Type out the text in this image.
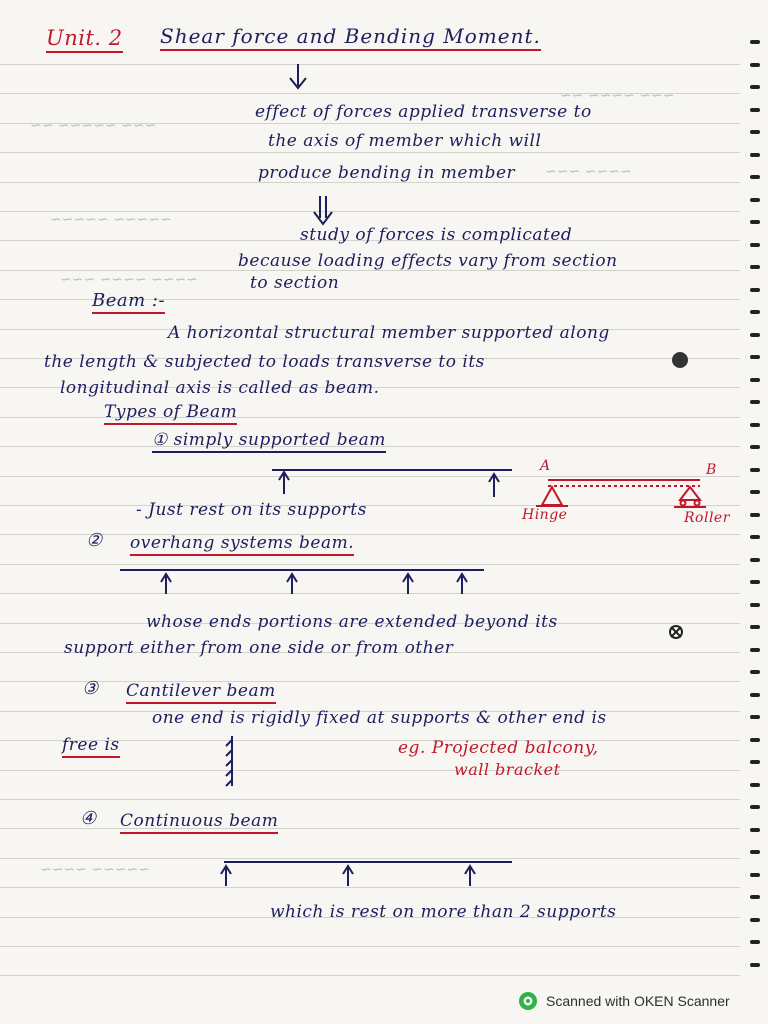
~~~ ~~~~ ~~
~~~ ~~~~~ ~~
~~~~ ~~~
~~~~~ ~~~~~
~~~~ ~~~~ ~~~
~~~~~ ~~~~
Unit. 2 Shear force and Bending Moment.
effect of forces applied transverse to
the axis of member which will
produce bending in member
study of forces is complicated
because loading effects vary from section
to section
Beam :-
A horizontal structural member supported along
the length & subjected to loads transverse to its
longitudinal axis is called as beam.
Types of Beam
① simply supported beam
- Just rest on its supports
A	B
Hinge	Roller
② overhang systems beam.
whose ends portions are extended beyond its
support either from one side or from other
③ Cantilever beam
one end is rigidly fixed at supports & other end is
free is	eg. Projected balcony,
wall bracket
④ Continuous beam
which is rest on more than 2 supports
Scanned with OKEN Scanner
